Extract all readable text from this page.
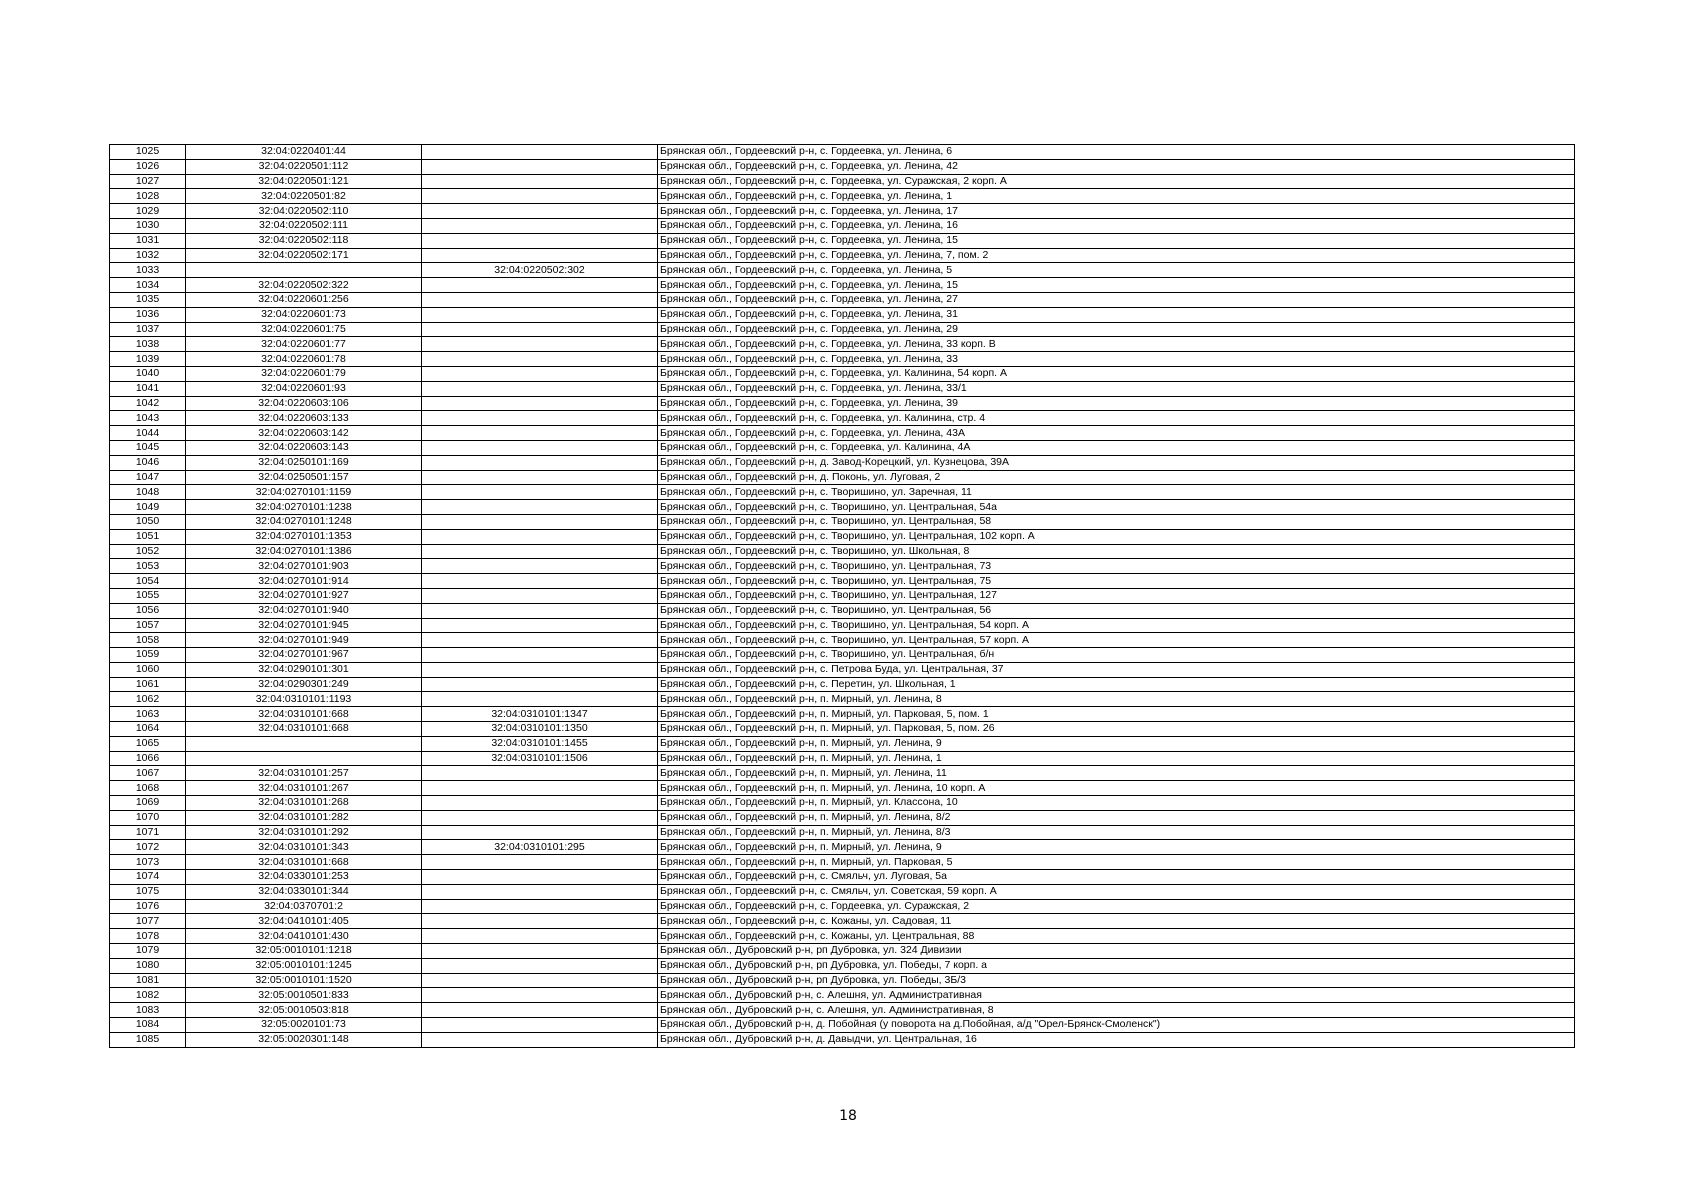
1025	32:04:0220401:44		Брянская обл., Гордеевский р-н, с. Гордеевка, ул. Ленина, 6
1026	32:04:0220501:112		Брянская обл., Гордеевский р-н, с. Гордеевка, ул. Ленина, 42
1027	32:04:0220501:121		Брянская обл., Гордеевский р-н, с. Гордеевка, ул. Суражская, 2 корп. А
1028	32:04:0220501:82		Брянская обл., Гордеевский р-н, с. Гордеевка, ул. Ленина, 1
1029	32:04:0220502:110		Брянская обл., Гордеевский р-н, с. Гордеевка, ул. Ленина, 17
1030	32:04:0220502:111		Брянская обл., Гордеевский р-н, с. Гордеевка, ул. Ленина, 16
1031	32:04:0220502:118		Брянская обл., Гордеевский р-н, с. Гордеевка, ул. Ленина, 15
1032	32:04:0220502:171		Брянская обл., Гордеевский р-н, с. Гордеевка, ул. Ленина, 7, пом. 2
1033		32:04:0220502:302	Брянская обл., Гордеевский р-н, с. Гордеевка, ул. Ленина, 5
1034	32:04:0220502:322		Брянская обл., Гордеевский р-н, с. Гордеевка, ул. Ленина, 15
1035	32:04:0220601:256		Брянская обл., Гордеевский р-н, с. Гордеевка, ул. Ленина, 27
1036	32:04:0220601:73		Брянская обл., Гордеевский р-н, с. Гордеевка, ул. Ленина, 31
1037	32:04:0220601:75		Брянская обл., Гордеевский р-н, с. Гордеевка, ул. Ленина, 29
1038	32:04:0220601:77		Брянская обл., Гордеевский р-н, с. Гордеевка, ул. Ленина, 33 корп. В
1039	32:04:0220601:78		Брянская обл., Гордеевский р-н, с. Гордеевка, ул. Ленина, 33
1040	32:04:0220601:79		Брянская обл., Гордеевский р-н, с. Гордеевка, ул. Калинина, 54 корп. А
1041	32:04:0220601:93		Брянская обл., Гордеевский р-н, с. Гордеевка, ул. Ленина, 33/1
1042	32:04:0220603:106		Брянская обл., Гордеевский р-н, с. Гордеевка, ул. Ленина, 39
1043	32:04:0220603:133		Брянская обл., Гордеевский р-н, с. Гордеевка, ул. Калинина, стр. 4
1044	32:04:0220603:142		Брянская обл., Гордеевский р-н, с. Гордеевка, ул. Ленина, 43А
1045	32:04:0220603:143		Брянская обл., Гордеевский р-н, с. Гордеевка, ул. Калинина, 4А
1046	32:04:0250101:169		Брянская обл., Гордеевский р-н, д. Завод-Корецкий, ул. Кузнецова, 39А
1047	32:04:0250501:157		Брянская обл., Гордеевский р-н, д. Поконь, ул. Луговая, 2
1048	32:04:0270101:1159		Брянская обл., Гордеевский р-н, с. Творишино, ул. Заречная, 11
1049	32:04:0270101:1238		Брянская обл., Гордеевский р-н, с. Творишино, ул. Центральная, 54а
1050	32:04:0270101:1248		Брянская обл., Гордеевский р-н, с. Творишино, ул. Центральная, 58
1051	32:04:0270101:1353		Брянская обл., Гордеевский р-н, с. Творишино, ул. Центральная, 102 корп. А
1052	32:04:0270101:1386		Брянская обл., Гордеевский р-н, с. Творишино, ул. Школьная, 8
1053	32:04:0270101:903		Брянская обл., Гордеевский р-н, с. Творишино, ул. Центральная, 73
1054	32:04:0270101:914		Брянская обл., Гордеевский р-н, с. Творишино, ул. Центральная, 75
1055	32:04:0270101:927		Брянская обл., Гордеевский р-н, с. Творишино, ул. Центральная, 127
1056	32:04:0270101:940		Брянская обл., Гордеевский р-н, с. Творишино, ул. Центральная, 56
1057	32:04:0270101:945		Брянская обл., Гордеевский р-н, с. Творишино, ул. Центральная, 54 корп. А
1058	32:04:0270101:949		Брянская обл., Гордеевский р-н, с. Творишино, ул. Центральная, 57 корп. А
1059	32:04:0270101:967		Брянская обл., Гордеевский р-н, с. Творишино, ул. Центральная, б/н
1060	32:04:0290101:301		Брянская обл., Гордеевский р-н, с. Петрова Буда, ул. Центральная, 37
1061	32:04:0290301:249		Брянская обл., Гордеевский р-н, с. Перетин, ул. Школьная, 1
1062	32:04:0310101:1193		Брянская обл., Гордеевский р-н, п. Мирный, ул. Ленина, 8
1063	32:04:0310101:668	32:04:0310101:1347	Брянская обл., Гордеевский р-н, п. Мирный, ул. Парковая, 5, пом. 1
1064	32:04:0310101:668	32:04:0310101:1350	Брянская обл., Гордеевский р-н, п. Мирный, ул. Парковая, 5, пом. 26
1065		32:04:0310101:1455	Брянская обл., Гордеевский р-н, п. Мирный, ул. Ленина, 9
1066		32:04:0310101:1506	Брянская обл., Гордеевский р-н, п. Мирный, ул. Ленина, 1
1067	32:04:0310101:257		Брянская обл., Гордеевский р-н, п. Мирный, ул. Ленина, 11
1068	32:04:0310101:267		Брянская обл., Гордеевский р-н, п. Мирный, ул. Ленина, 10 корп. А
1069	32:04:0310101:268		Брянская обл., Гордеевский р-н, п. Мирный, ул. Классона, 10
1070	32:04:0310101:282		Брянская обл., Гордеевский р-н, п. Мирный, ул. Ленина, 8/2
1071	32:04:0310101:292		Брянская обл., Гордеевский р-н, п. Мирный, ул. Ленина, 8/3
1072	32:04:0310101:343	32:04:0310101:295	Брянская обл., Гордеевский р-н, п. Мирный, ул. Ленина, 9
1073	32:04:0310101:668		Брянская обл., Гордеевский р-н, п. Мирный, ул. Парковая, 5
1074	32:04:0330101:253		Брянская обл., Гордеевский р-н, с. Смяльч, ул. Луговая, 5а
1075	32:04:0330101:344		Брянская обл., Гордеевский р-н, с. Смяльч, ул. Советская, 59 корп. А
1076	32:04:0370701:2		Брянская обл., Гордеевский р-н, с. Гордеевка, ул. Суражская, 2
1077	32:04:0410101:405		Брянская обл., Гордеевский р-н, с. Кожаны, ул. Садовая, 11
1078	32:04:0410101:430		Брянская обл., Гордеевский р-н, с. Кожаны, ул. Центральная, 88
1079	32:05:0010101:1218		Брянская обл., Дубровский р-н, рп Дубровка, ул. 324 Дивизии
1080	32:05:0010101:1245		Брянская обл., Дубровский р-н, рп Дубровка, ул. Победы, 7 корп. а
1081	32:05:0010101:1520		Брянская обл., Дубровский р-н, рп Дубровка, ул. Победы, 3Б/3
1082	32:05:0010501:833		Брянская обл., Дубровский р-н, с. Алешня, ул. Административная
1083	32:05:0010503:818		Брянская обл., Дубровский р-н, с. Алешня, ул. Административная, 8
1084	32:05:0020101:73		Брянская обл., Дубровский р-н, д. Побойная (у поворота на д.Побойная, а/д "Орел-Брянск-Смоленск")
1085	32:05:0020301:148		Брянская обл., Дубровский р-н, д. Давыдчи, ул. Центральная, 16
18
